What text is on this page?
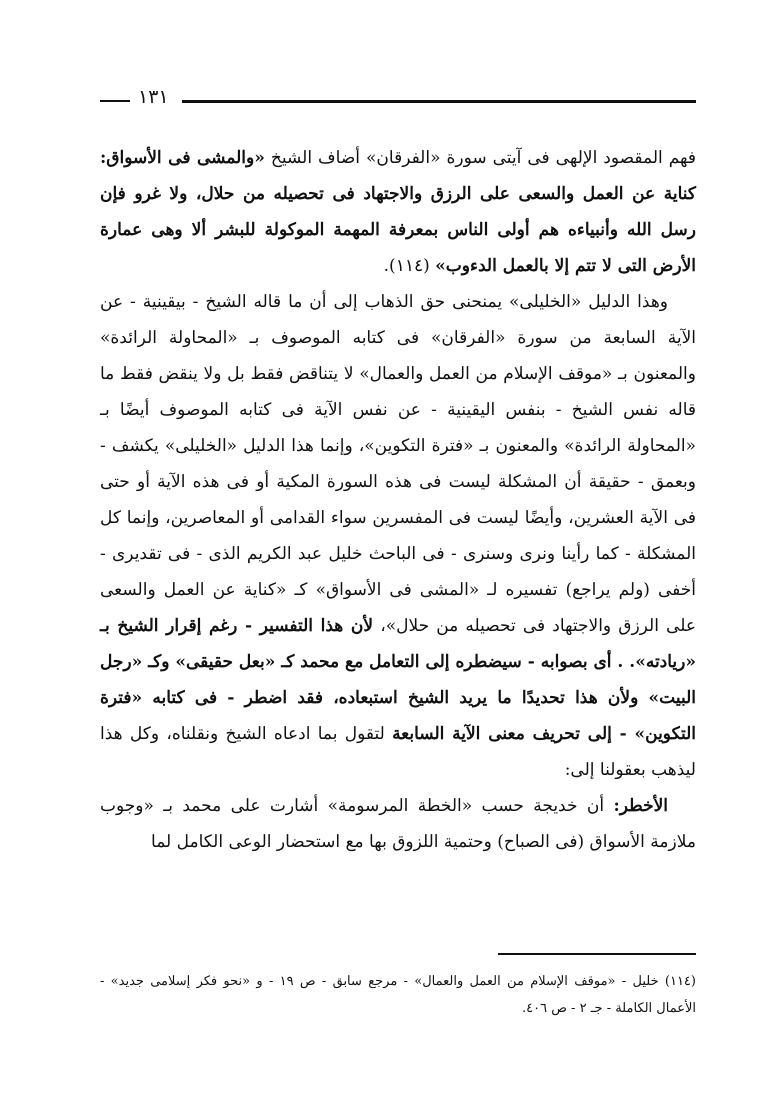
١٣١

فهم المقصود الإلهى فى آيتى سورة «الفرقان» أضاف الشيخ «والمشى فى الأسواق: كناية عن العمل والسعى على الرزق والاجتهاد فى تحصيله من حلال، ولا غرو فإن رسل الله وأنبياءه هم أولى الناس بمعرفة المهمة الموكولة للبشر ألا وهى عمارة الأرض التى لا تتم إلا بالعمل الدءوب» (١١٤).

وهذا الدليل «الخليلى» يمنحنى حق الذهاب إلى أن ما قاله الشيخ - بيقينية - عن الآية السابعة من سورة «الفرقان» فى كتابه الموصوف بـ «المحاولة الرائدة» والمعنون بـ «موقف الإسلام من العمل والعمال» لا يتناقض فقط بل ولا ينقض فقط ما قاله نفس الشيخ - بنفس اليقينية - عن نفس الآية فى كتابه الموصوف أيضًا بـ «المحاولة الرائدة» والمعنون بـ «فترة التكوين»، وإنما هذا الدليل «الخليلى» يكشف - وبعمق - حقيقة أن المشكلة ليست فى هذه السورة المكية أو فى هذه الآية أو حتى فى الآية العشرين، وأيضًا ليست فى المفسرين سواء القدامى أو المعاصرين، وإنما كل المشكلة - كما رأينا ونرى وسنرى - فى الباحث خليل عبد الكريم الذى - فى تقديرى - أخفى (ولم يراجع) تفسيره لـ «المشى فى الأسواق» كـ «كناية عن العمل والسعى على الرزق والاجتهاد فى تحصيله من حلال»، لأن هذا التفسير - رغم إقرار الشيخ بـ «ريادته». . أى بصوابه - سيضطره إلى التعامل مع محمد كـ «بعل حقيقى» وكـ «رجل البيت» ولأن هذا تحديدًا ما يريد الشيخ استبعاده، فقد اضطر - فى كتابه «فترة التكوين» - إلى تحريف معنى الآية السابعة لتقول بما ادعاه الشيخ ونقلناه، وكل هذا ليذهب بعقولنا إلى:

الأخطر: أن خديجة حسب «الخطة المرسومة» أشارت على محمد بـ «وجوب ملازمة الأسواق (فى الصباح) وحتمية اللزوق بها مع استحضار الوعى الكامل لما

(١١٤) خليل - «موقف الإسلام من العمل والعمال» - مرجع سابق - ص ١٩ - و «نحو فكر إسلامى جديد» - الأعمال الكاملة - جـ ٢ - ص ٤٠٦.
